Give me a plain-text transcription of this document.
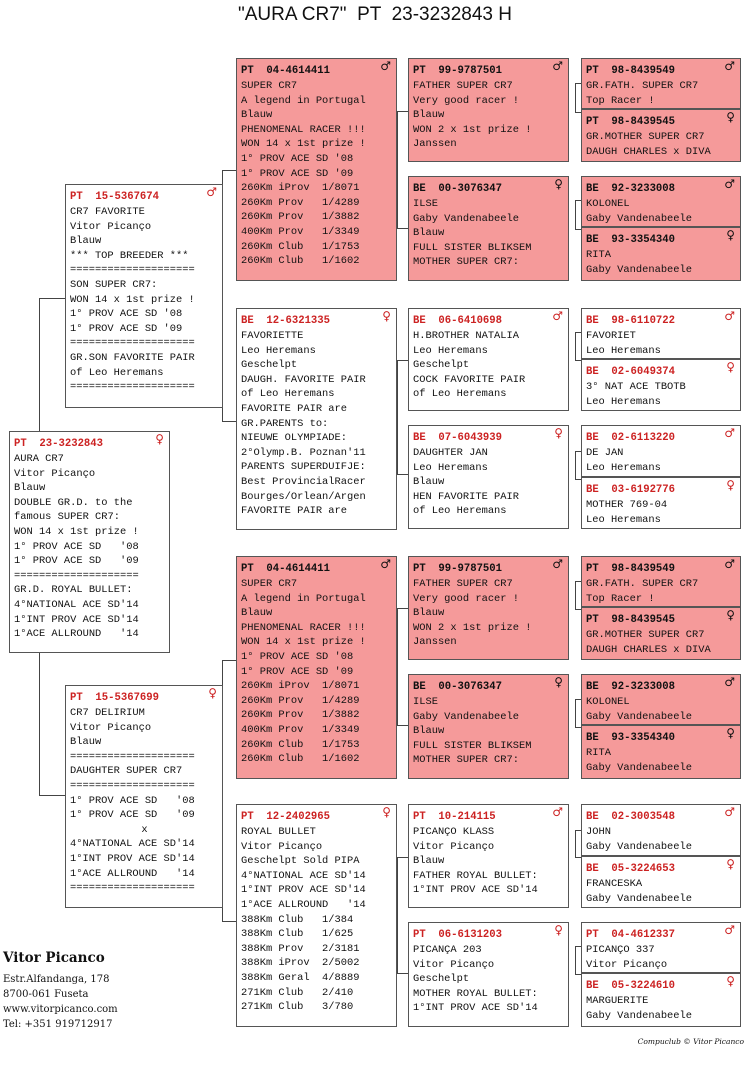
"AURA CR7"  PT  23-3232843 H
PT  23-3232843	♀
AURA CR7
Vitor Picanço
Blauw
DOUBLE GR.D. to the
famous SUPER CR7:
WON 14 x 1st prize !
1° PROV ACE SD   '08
1° PROV ACE SD   '09
====================
GR.D. ROYAL BULLET:
4°NATIONAL ACE SD'14
1°INT PROV ACE SD'14
1°ACE ALLROUND   '14
PT  15-5367674	♂
CR7 FAVORITE
Vitor Picanço
Blauw
*** TOP BREEDER ***
====================
SON SUPER CR7:
WON 14 x 1st prize !
1° PROV ACE SD '08
1° PROV ACE SD '09
====================
GR.SON FAVORITE PAIR
of Leo Heremans
====================
PT  15-5367699	♀
CR7 DELIRIUM
Vitor Picanço
Blauw
====================
DAUGHTER SUPER CR7
====================
1° PROV ACE SD   '08
1° PROV ACE SD   '09
x
4°NATIONAL ACE SD'14
1°INT PROV ACE SD'14
1°ACE ALLROUND   '14
====================
PT  04-4614411	♂
SUPER CR7
A legend in Portugal
Blauw
PHENOMENAL RACER !!!
WON 14 x 1st prize !
1° PROV ACE SD '08
1° PROV ACE SD '09
260Km iProv  1/8071
260Km Prov   1/4289
260Km Prov   1/3882
400Km Prov   1/3349
260Km Club   1/1753
260Km Club   1/1602
BE  12-6321335	♀
FAVORIETTE
Leo Heremans
Geschelpt
DAUGH. FAVORITE PAIR
of Leo Heremans
FAVORITE PAIR are
GR.PARENTS to:
NIEUWE OLYMPIADE:
2°Olymp.B. Poznan'11
PARENTS SUPERDUIFJE:
Best ProvincialRacer
Bourges/Orlean/Argen
FAVORITE PAIR are
PT  04-4614411	♂
SUPER CR7
A legend in Portugal
Blauw
PHENOMENAL RACER !!!
WON 14 x 1st prize !
1° PROV ACE SD '08
1° PROV ACE SD '09
260Km iProv  1/8071
260Km Prov   1/4289
260Km Prov   1/3882
400Km Prov   1/3349
260Km Club   1/1753
260Km Club   1/1602
PT  12-2402965	♀
ROYAL BULLET
Vitor Picanço
Geschelpt Sold PIPA
4°NATIONAL ACE SD'14
1°INT PROV ACE SD'14
1°ACE ALLROUND   '14
388Km Club   1/384
388Km Club   1/625
388Km Prov   2/3181
388Km iProv  2/5002
388Km Geral  4/8889
271Km Club   2/410
271Km Club   3/780
PT  99-9787501	♂
FATHER SUPER CR7
Very good racer !
Blauw
WON 2 x 1st prize !
Janssen
BE  00-3076347	♀
ILSE
Gaby Vandenabeele
Blauw
FULL SISTER BLIKSEM
MOTHER SUPER CR7:
BE  06-6410698	♂
H.BROTHER NATALIA
Leo Heremans
Geschelpt
COCK FAVORITE PAIR
of Leo Heremans
BE  07-6043939	♀
DAUGHTER JAN
Leo Heremans
Blauw
HEN FAVORITE PAIR
of Leo Heremans
PT  99-9787501	♂
FATHER SUPER CR7
Very good racer !
Blauw
WON 2 x 1st prize !
Janssen
BE  00-3076347	♀
ILSE
Gaby Vandenabeele
Blauw
FULL SISTER BLIKSEM
MOTHER SUPER CR7:
PT  10-214115	♂
PICANÇO KLASS
Vitor Picanço
Blauw
FATHER ROYAL BULLET:
1°INT PROV ACE SD'14
PT  06-6131203	♀
PICANÇA 203
Vitor Picanço
Geschelpt
MOTHER ROYAL BULLET:
1°INT PROV ACE SD'14
PT  98-8439549	♂
GR.FATH. SUPER CR7
Top Racer !
PT  98-8439545	♀
GR.MOTHER SUPER CR7
DAUGH CHARLES x DIVA
BE  92-3233008	♂
KOLONEL
Gaby Vandenabeele
BE  93-3354340	♀
RITA
Gaby Vandenabeele
BE  98-6110722	♂
FAVORIET
Leo Heremans
BE  02-6049374	♀
3° NAT ACE TBOTB
Leo Heremans
BE  02-6113220	♂
DE JAN
Leo Heremans
BE  03-6192776	♀
MOTHER 769-04
Leo Heremans
PT  98-8439549	♂
GR.FATH. SUPER CR7
Top Racer !
PT  98-8439545	♀
GR.MOTHER SUPER CR7
DAUGH CHARLES x DIVA
BE  92-3233008	♂
KOLONEL
Gaby Vandenabeele
BE  93-3354340	♀
RITA
Gaby Vandenabeele
BE  02-3003548	♂
JOHN
Gaby Vandenabeele
BE  05-3224653	♀
FRANCESKA
Gaby Vandenabeele
PT  04-4612337	♂
PICANÇO 337
Vitor Picanço
BE  05-3224610	♀
MARGUERITE
Gaby Vandenabeele
Vitor Picanco
Estr.Alfandanga, 178
8700-061 Fuseta
www.vitorpicanco.com
Tel: +351 919712917
Compuclub © Vitor Picanco
